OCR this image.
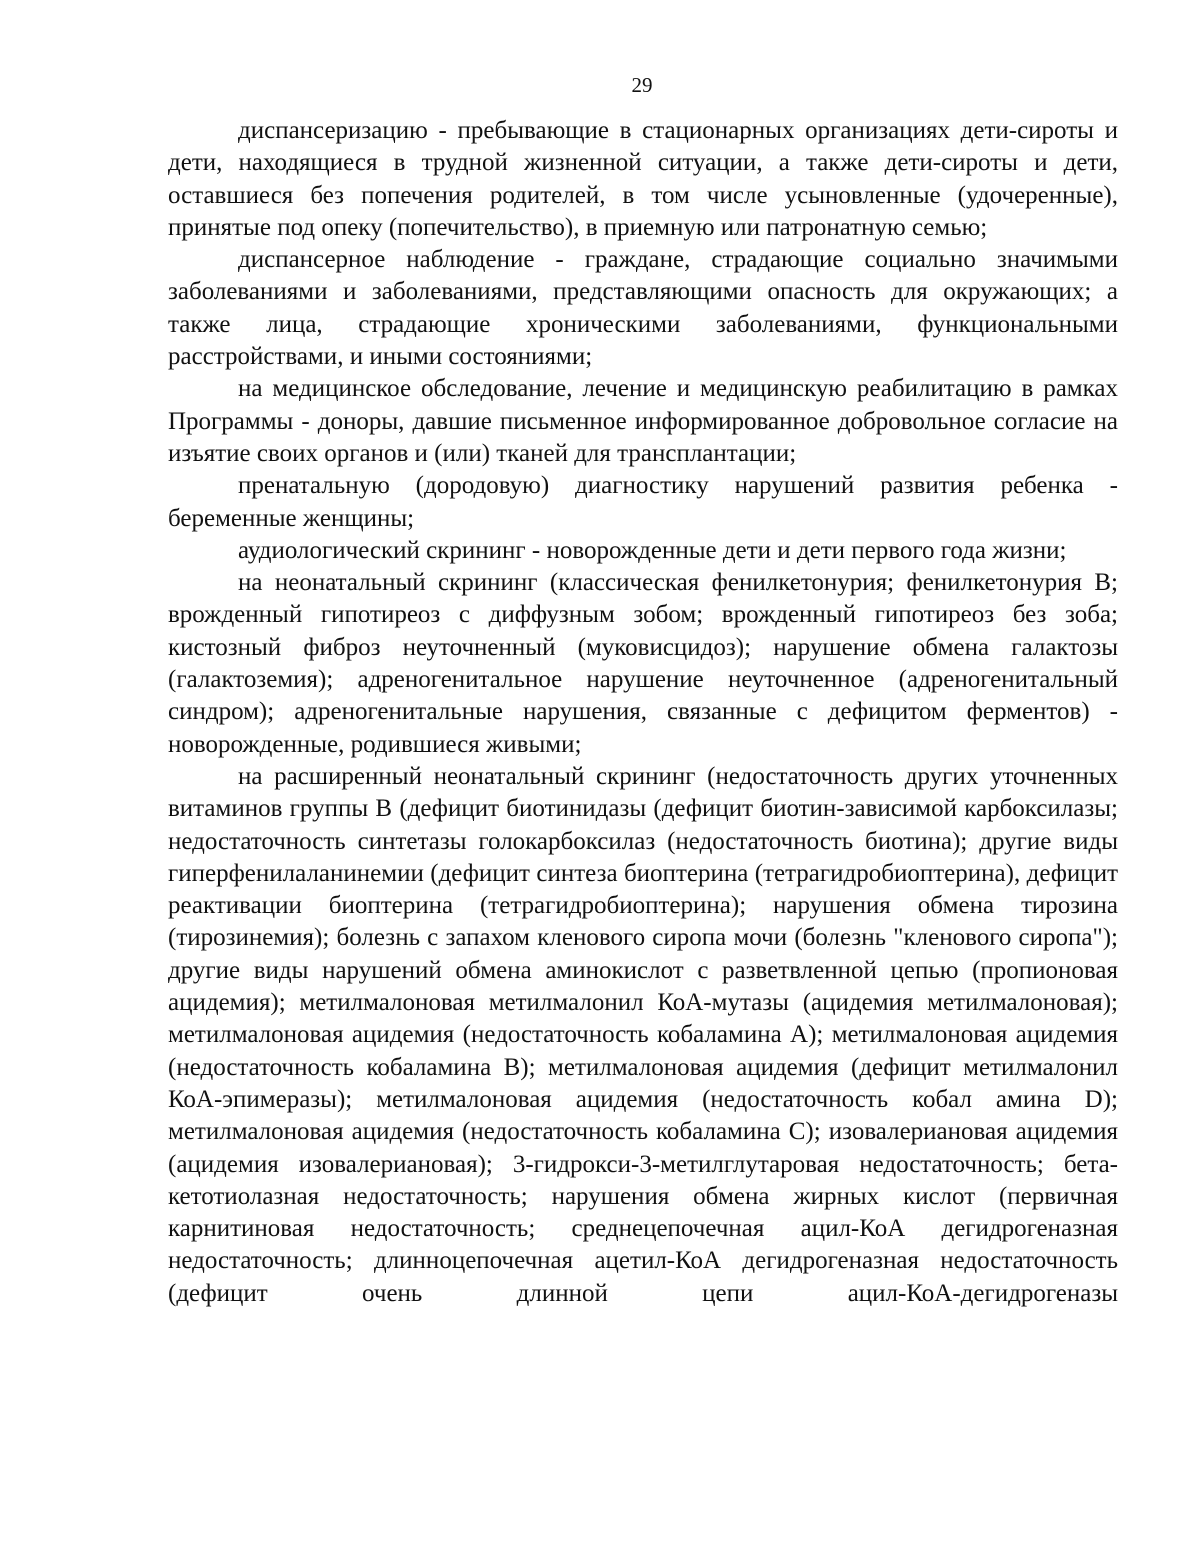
29

диспансеризацию - пребывающие в стационарных организациях дети-сироты и дети, находящиеся в трудной жизненной ситуации, а также дети-сироты и дети, оставшиеся без попечения родителей, в том числе усыновленные (удочеренные), принятые под опеку (попечительство), в приемную или патронатную семью;

диспансерное наблюдение - граждане, страдающие социально значимыми заболеваниями и заболеваниями, представляющими опасность для окружающих; а также лица, страдающие хроническими заболеваниями, функциональными расстройствами, и иными состояниями;

на медицинское обследование, лечение и медицинскую реабилитацию в рамках Программы - доноры, давшие письменное информированное добровольное согласие на изъятие своих органов и (или) тканей для трансплантации;

пренатальную (дородовую) диагностику нарушений развития ребенка - беременные женщины;

аудиологический скрининг - новорожденные дети и дети первого года жизни;

на неонатальный скрининг (классическая фенилкетонурия; фенилкетонурия В; врожденный гипотиреоз с диффузным зобом; врожденный гипотиреоз без зоба; кистозный фиброз неуточненный (муковисцидоз); нарушение обмена галактозы (галактоземия); адреногенитальное нарушение неуточненное (адреногенитальный синдром); адреногенитальные нарушения, связанные с дефицитом ферментов) - новорожденные, родившиеся живыми;

на расширенный неонатальный скрининг (недостаточность других уточненных витаминов группы В (дефицит биотинидазы (дефицит биотин-зависимой карбоксилазы; недостаточность синтетазы голокарбоксилаз (недостаточность биотина); другие виды гиперфенилаланинемии (дефицит синтеза биоптерина (тетрагидробиоптерина), дефицит реактивации биоптерина (тетрагидробиоптерина); нарушения обмена тирозина (тирозинемия); болезнь с запахом кленового сиропа мочи (болезнь "кленового сиропа"); другие виды нарушений обмена аминокислот с разветвленной цепью (пропионовая ацидемия); метилмалоновая метилмалонил КоА-мутазы (ацидемия метилмалоновая); метилмалоновая ацидемия (недостаточность кобаламина А); метилмалоновая ацидемия (недостаточность кобаламина В); метилмалоновая ацидемия (дефицит метилмалонил КоА-эпимеразы); метилмалоновая ацидемия (недостаточность кобал амина D); метилмалоновая ацидемия (недостаточность кобаламина С); изовалериановая ацидемия (ацидемия изовалериановая); 3-гидрокси-3-метилглутаровая недостаточность; бета-кетотиолазная недостаточность; нарушения обмена жирных кислот (первичная карнитиновая недостаточность; среднецепочечная ацил-КоА дегидрогеназная недостаточность; длинноцепочечная ацетил-КоА дегидрогеназная недостаточность (дефицит очень длинной цепи ацил-КоА-дегидрогеназы
